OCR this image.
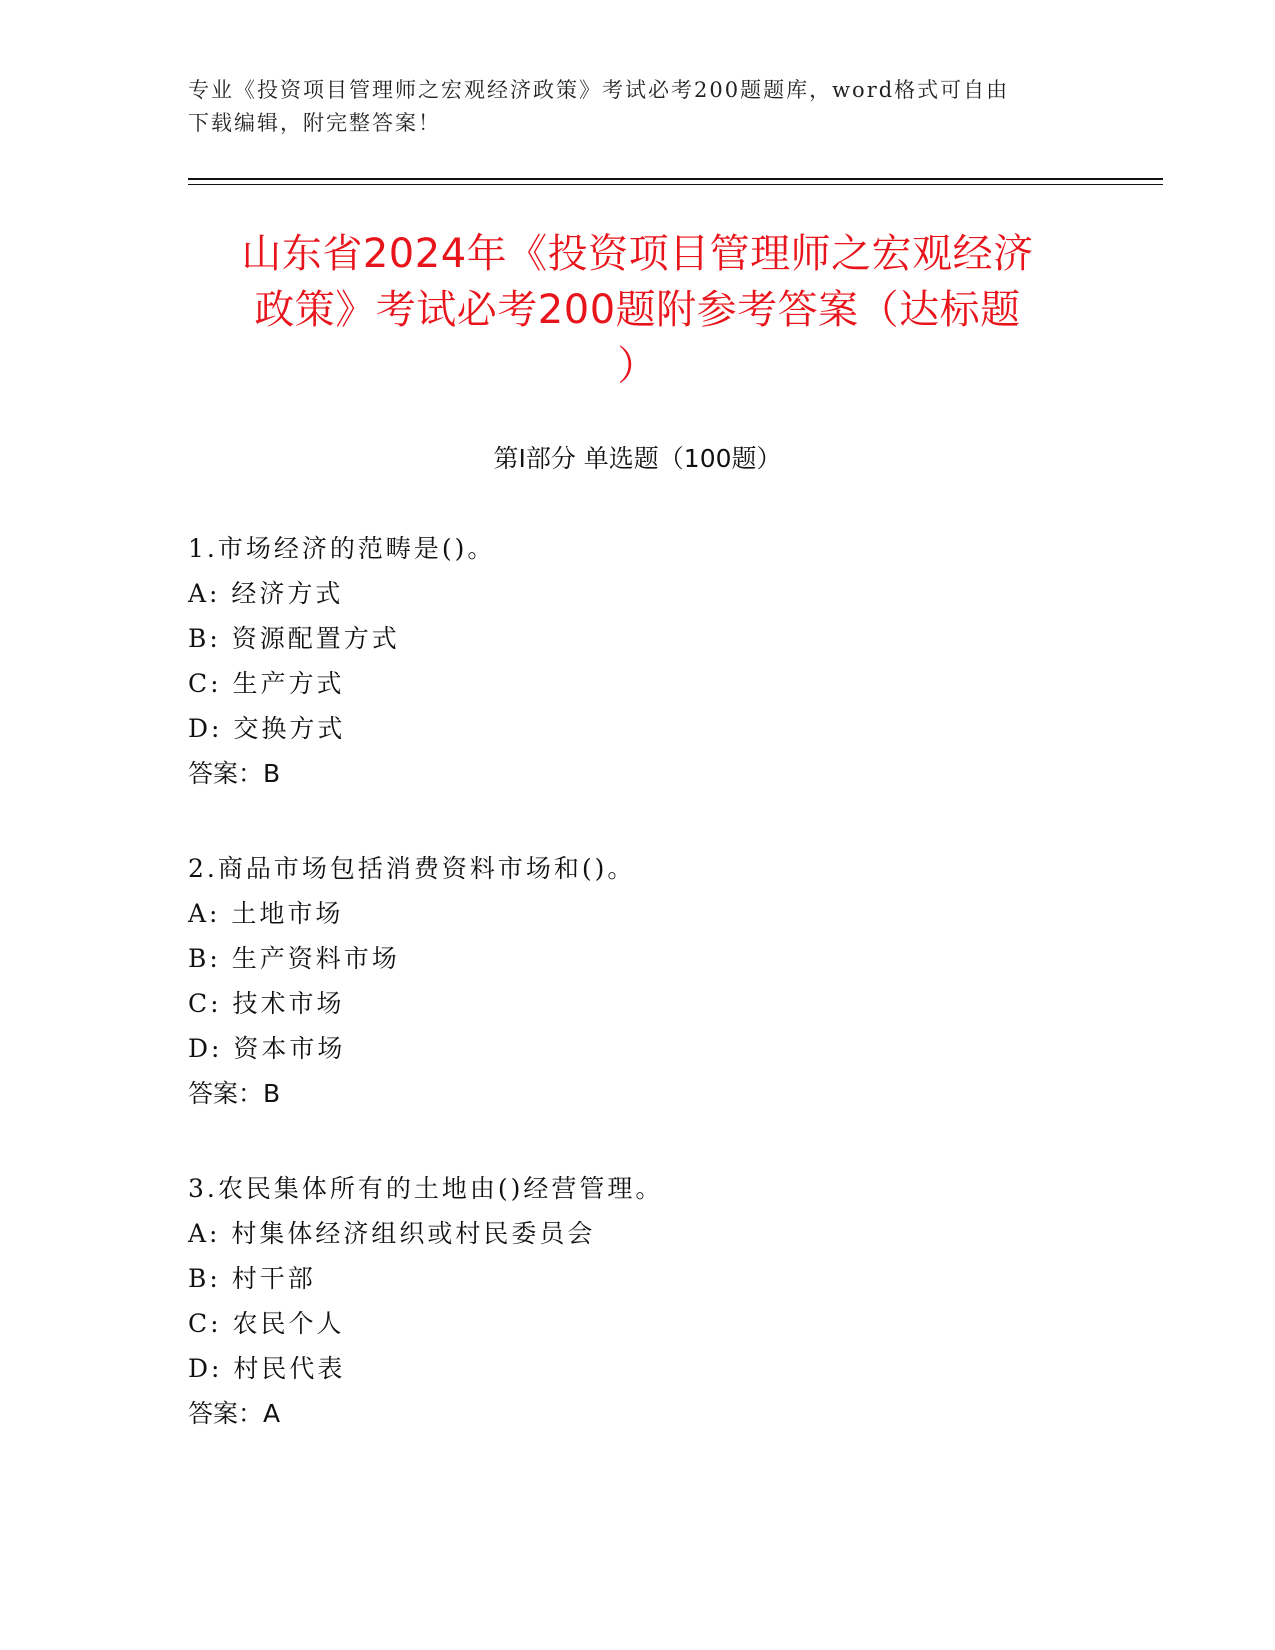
专业《投资项目管理师之宏观经济政策》考试必考200题题库，word格式可自由
下载编辑，附完整答案！
山东省2024年《投资项目管理师之宏观经济
政策》考试必考200题附参考答案（达标题
）
第Ⅰ部分 单选题（100题）
1.市场经济的范畴是()。
A: 经济方式
B: 资源配置方式
C: 生产方式
D: 交换方式
答案：B
2.商品市场包括消费资料市场和()。
A: 土地市场
B: 生产资料市场
C: 技术市场
D: 资本市场
答案：B
3.农民集体所有的土地由()经营管理。
A: 村集体经济组织或村民委员会
B: 村干部
C: 农民个人
D: 村民代表
答案：A
